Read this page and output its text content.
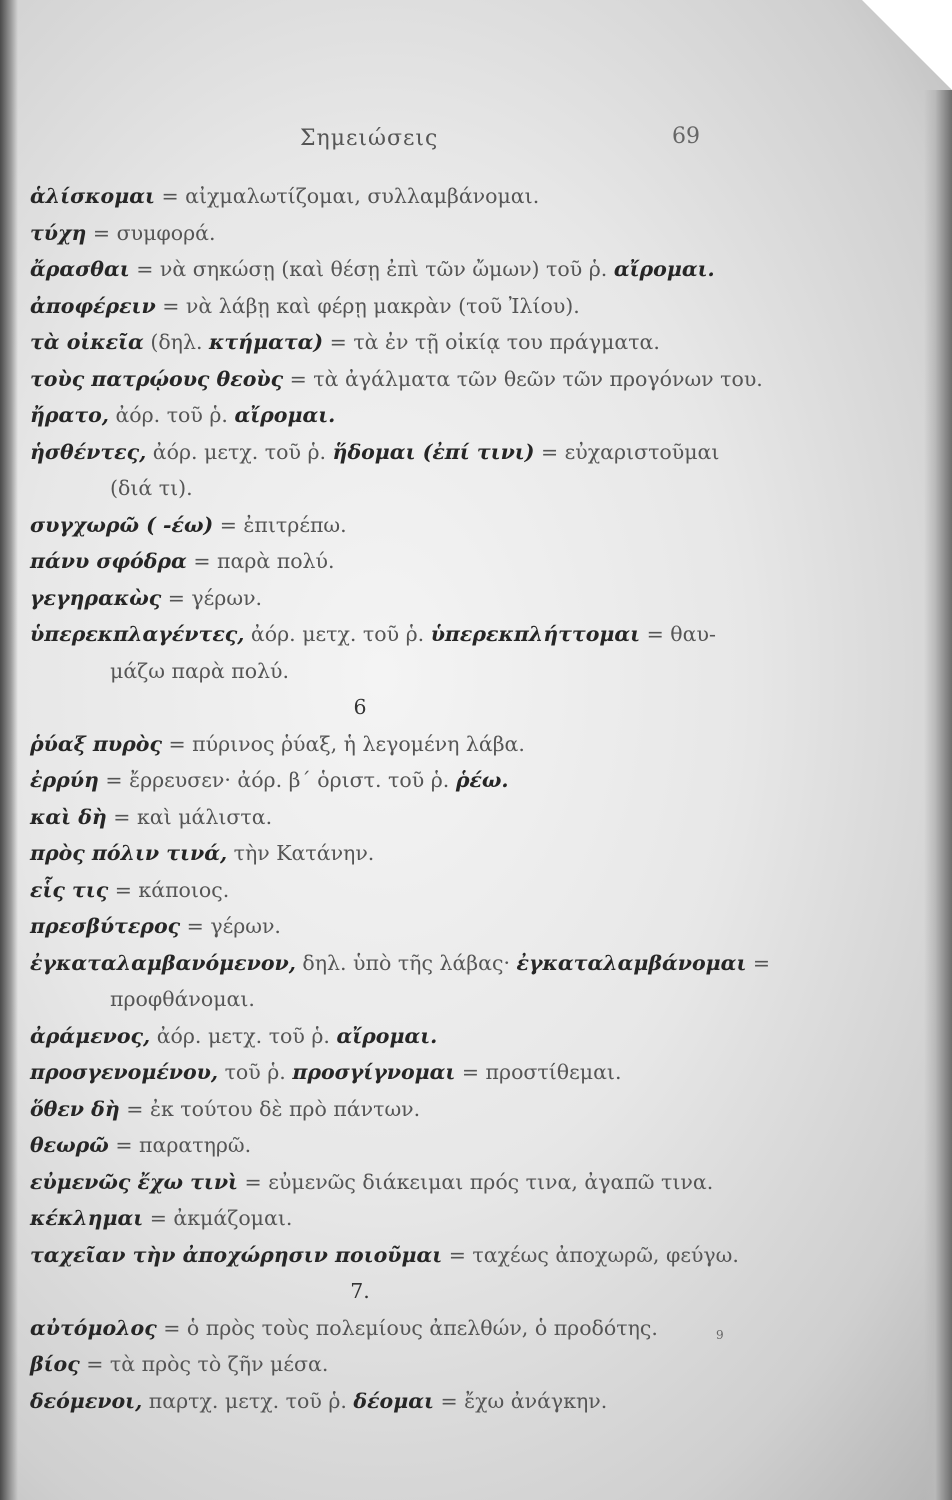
Σημειώσεις	69
ἁλίσκομαι = αἰχμαλωτίζομαι, συλλαμβάνομαι.
τύχη = συμφορά.
ἄρασθαι = νὰ σηκώσῃ (καὶ θέσῃ ἐπὶ τῶν ὤμων) τοῦ ῥ. αἴρομαι.
ἀποφέρειν = νὰ λάβῃ καὶ φέρῃ μακρὰν (τοῦ Ἰλίου).
τὰ οἰκεῖα (δηλ. κτήματα) = τὰ ἐν τῇ οἰκίᾳ του πράγματα.
τοὺς πατρῴους θεοὺς = τὰ ἀγάλματα τῶν θεῶν τῶν προγόνων του.
ἤρατο, ἀόρ. τοῦ ῥ. αἴρομαι.
ἡσθέντες, ἀόρ. μετχ. τοῦ ῥ. ἥδομαι (ἐπί τινι) = εὐχαριστοῦμαι
(διά τι).
συγχωρῶ ( -έω) = ἐπιτρέπω.
πάνυ σφόδρα = παρὰ πολύ.
γεγηρακὼς = γέρων.
ὑπερεκπλαγέντες, ἀόρ. μετχ. τοῦ ῥ. ὑπερεκπλήττομαι = θαυ-
μάζω παρὰ πολύ.
6
ῥύαξ πυρὸς = πύρινος ῥύαξ, ἡ λεγομένη λάβα.
ἐρρύη = ἔρρευσεν· ἀόρ. β΄ ὁριστ. τοῦ ῥ. ῥέω.
καὶ δὴ = καὶ μάλιστα.
πρὸς πόλιν τινά, τὴν Κατάνην.
εἷς τις = κάποιος.
πρεσβύτερος = γέρων.
ἐγκαταλαμβανόμενον, δηλ. ὑπὸ τῆς λάβας· ἐγκαταλαμβάνομαι =
προφθάνομαι.
ἀράμενος, ἀόρ. μετχ. τοῦ ῥ. αἴρομαι.
προσγενομένου, τοῦ ῥ. προσγίγνομαι = προστίθεμαι.
ὅθεν δὴ = ἐκ τούτου δὲ πρὸ πάντων.
θεωρῶ = παρατηρῶ.
εὐμενῶς ἔχω τινὶ = εὐμενῶς διάκειμαι πρός τινα, ἀγαπῶ τινα.
κέκλημαι = ἀκμάζομαι.
ταχεῖαν τὴν ἀποχώρησιν ποιοῦμαι = ταχέως ἀποχωρῶ, φεύγω.
7.
αὐτόμολος = ὁ πρὸς τοὺς πολεμίους ἀπελθών, ὁ προδότης.
βίος = τὰ πρὸς τὸ ζῆν μέσα.
δεόμενοι, παρτχ. μετχ. τοῦ ῥ. δέομαι = ἔχω ἀνάγκην.
9
